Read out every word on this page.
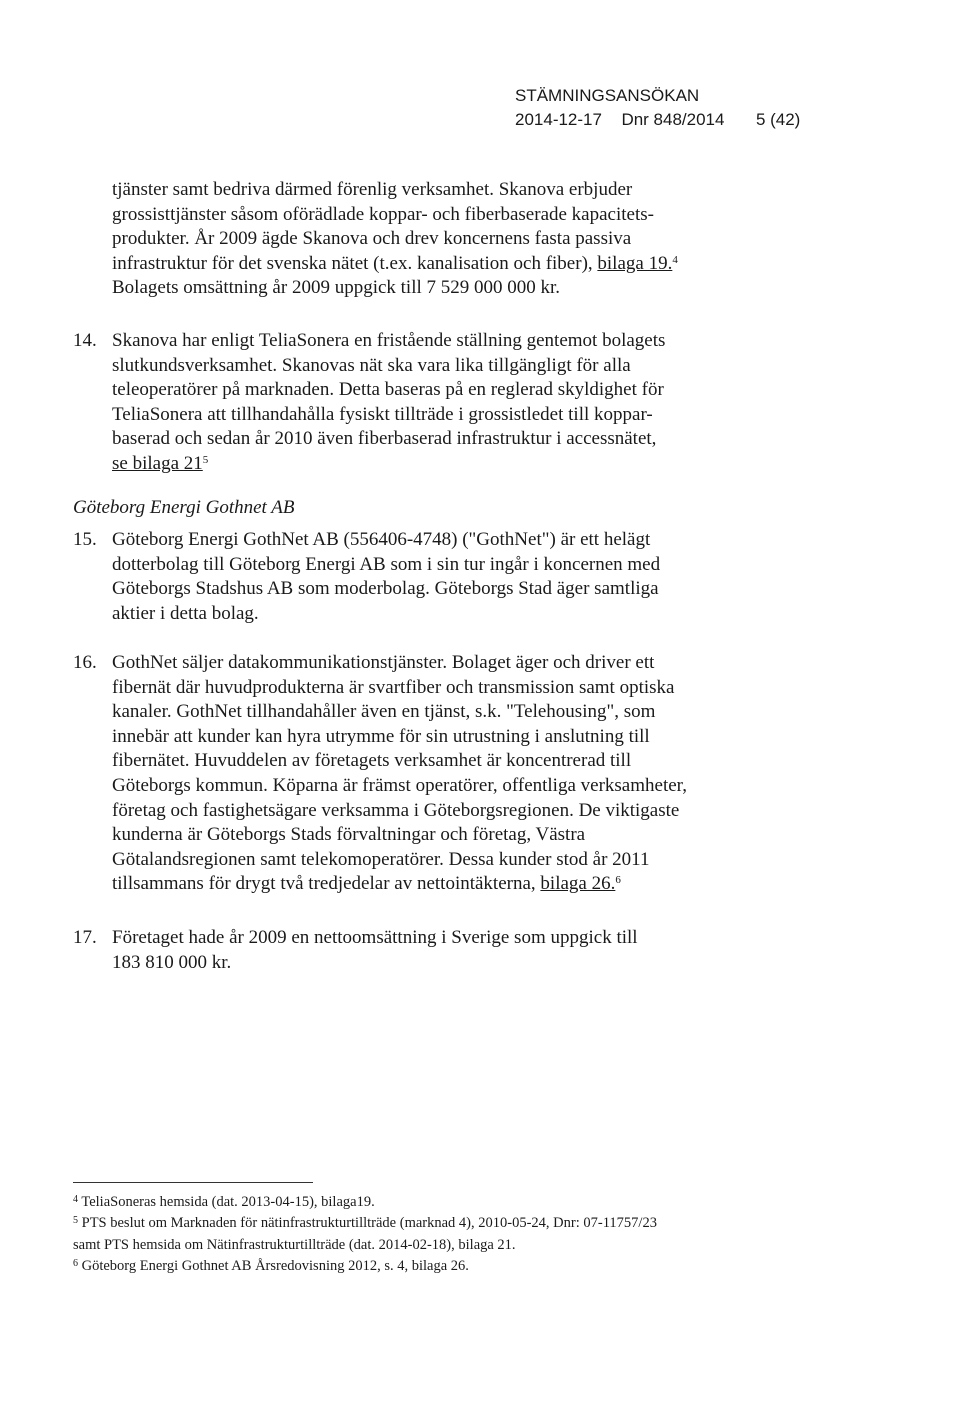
STÄMNINGSANSÖKAN
2014-12-17 Dnr 848/2014 5 (42)
tjänster samt bedriva därmed förenlig verksamhet. Skanova erbjuder
grossisttjänster såsom oförädlade koppar- och fiberbaserade kapacitets-
produkter. År 2009 ägde Skanova och drev koncernens fasta passiva
infrastruktur för det svenska nätet (t.ex. kanalisation och fiber), bilaga 19.$^4$
Bolagets omsättning år 2009 uppgick till 7 529 000 000 kr.
14. Skanova har enligt TeliaSonera en fristående ställning gentemot bolagets
slutkundsverksamhet. Skanovas nät ska vara lika tillgängligt för alla
teleoperatörer på marknaden. Detta baseras på en reglerad skyldighet för
TeliaSonera att tillhandahålla fysiskt tillträde i grossistledet till koppar-
baserad och sedan år 2010 även fiberbaserad infrastruktur i accessnätet,
se bilaga $21^5$
Göteborg Energi Gothnet AB
15. Göteborg Energi GothNet AB (556406-4748) ("GothNet") är ett helägt
dotterbolag till Göteborg Energi AB som i sin tur ingår i koncernen med
Göteborgs Stadshus AB som moderbolag. Göteborgs Stad äger samtliga
aktier i detta bolag.
16. GothNet säljer datakommunikationstjänster. Bolaget äger och driver ett
fibernät där huvudprodukterna är svartfiber och transmission samt optiska
kanaler. GothNet tillhandahåller även en tjänst, s.k. "Telehousing", som
innebär att kunder kan hyra utrymme för sin utrustning i anslutning till
fibernätet. Huvuddelen av företagets verksamhet är koncentrerad till
Göteborgs kommun. Köparna är främst operatörer, offentliga verksamheter,
företag och fastighetsägare verksamma i Göteborgsregionen. De viktigaste
kunderna är Göteborgs Stads förvaltningar och företag, Västra
Götalandsregionen samt telekomoperatörer. Dessa kunder stod år 2011
tillsammans för drygt två tredjedelar av nettointäkterna, bilaga 26.$^6$
17. Företaget hade år 2009 en nettoomsättning i Sverige som uppgick till
183 810 000 kr.
$^4$ TeliaSoneras hemsida (dat. 2013-04-15), bilaga19.
$^5$ PTS beslut om Marknaden för nätinfrastrukturtillträde (marknad 4), 2010-05-24, Dnr: 07-11757/23
samt PTS hemsida om Nätinfrastrukturtillträde (dat. 2014-02-18), bilaga 21.
$^6$ Göteborg Energi Gothnet AB Årsredovisning 2012, s. 4, bilaga 26.
